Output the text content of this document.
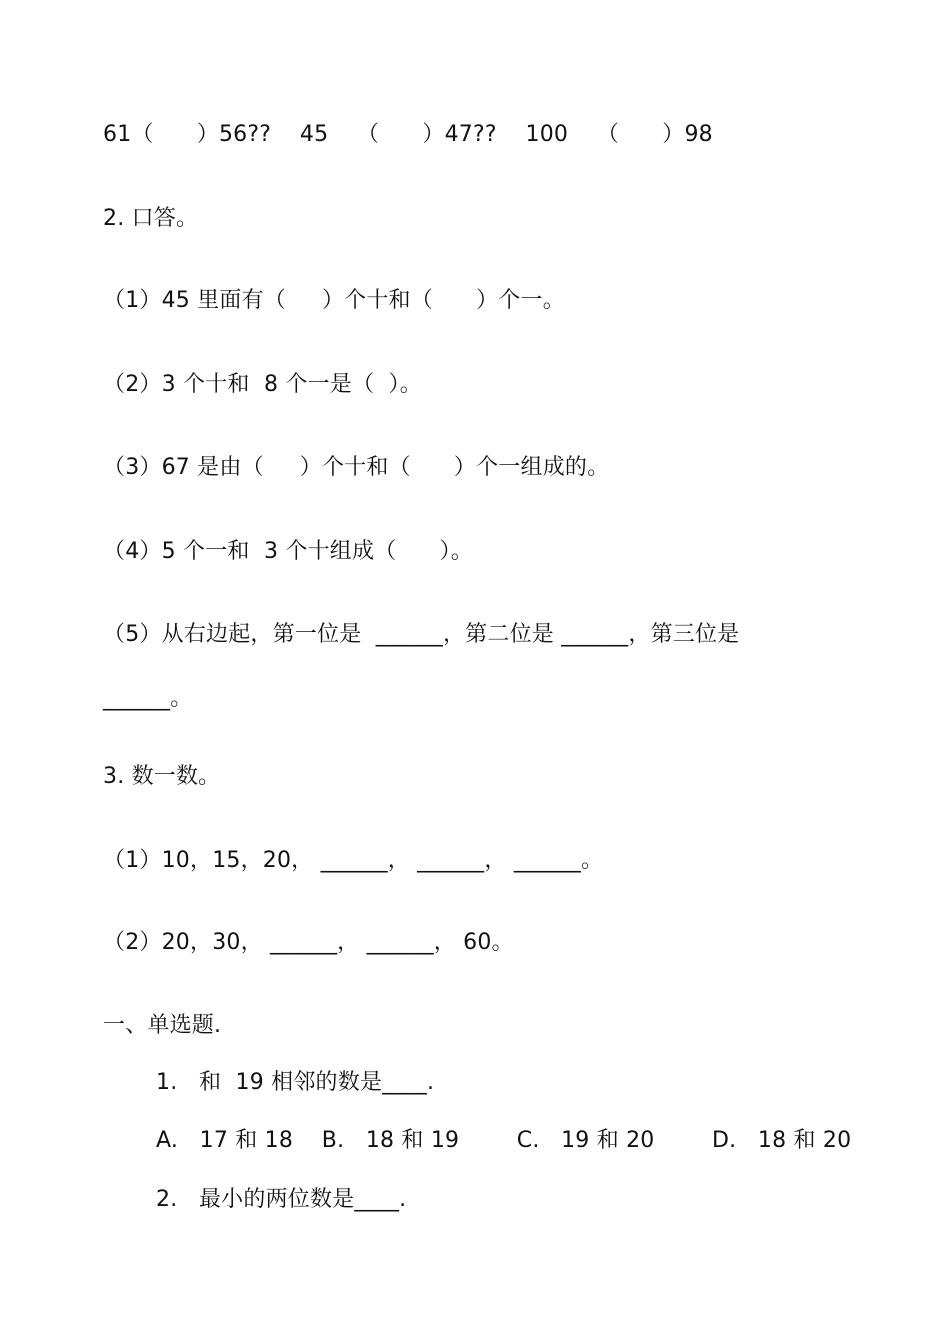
61（      ）56??    45    （      ）47??    100    （      ）98
2. 口答。
（1）45 里面有（     ）个十和（      ）个一。
（2）3 个十和  8 个一是（  ）。
（3）67 是由（     ）个十和（      ）个一组成的。
（4）5 个一和  3 个十组成（      ）。
（5）从右边起，第一位是  ______，第二位是 ______，第三位是
______。
3. 数一数。
（1）10，15，20， ______， ______， ______。
（2）20，30， ______， ______， 60。
一、单选题.
1.   和  19 相邻的数是____.
A.   17 和 18    B.   18 和 19        C.   19 和 20        D.   18 和 20
2.   最小的两位数是____.
